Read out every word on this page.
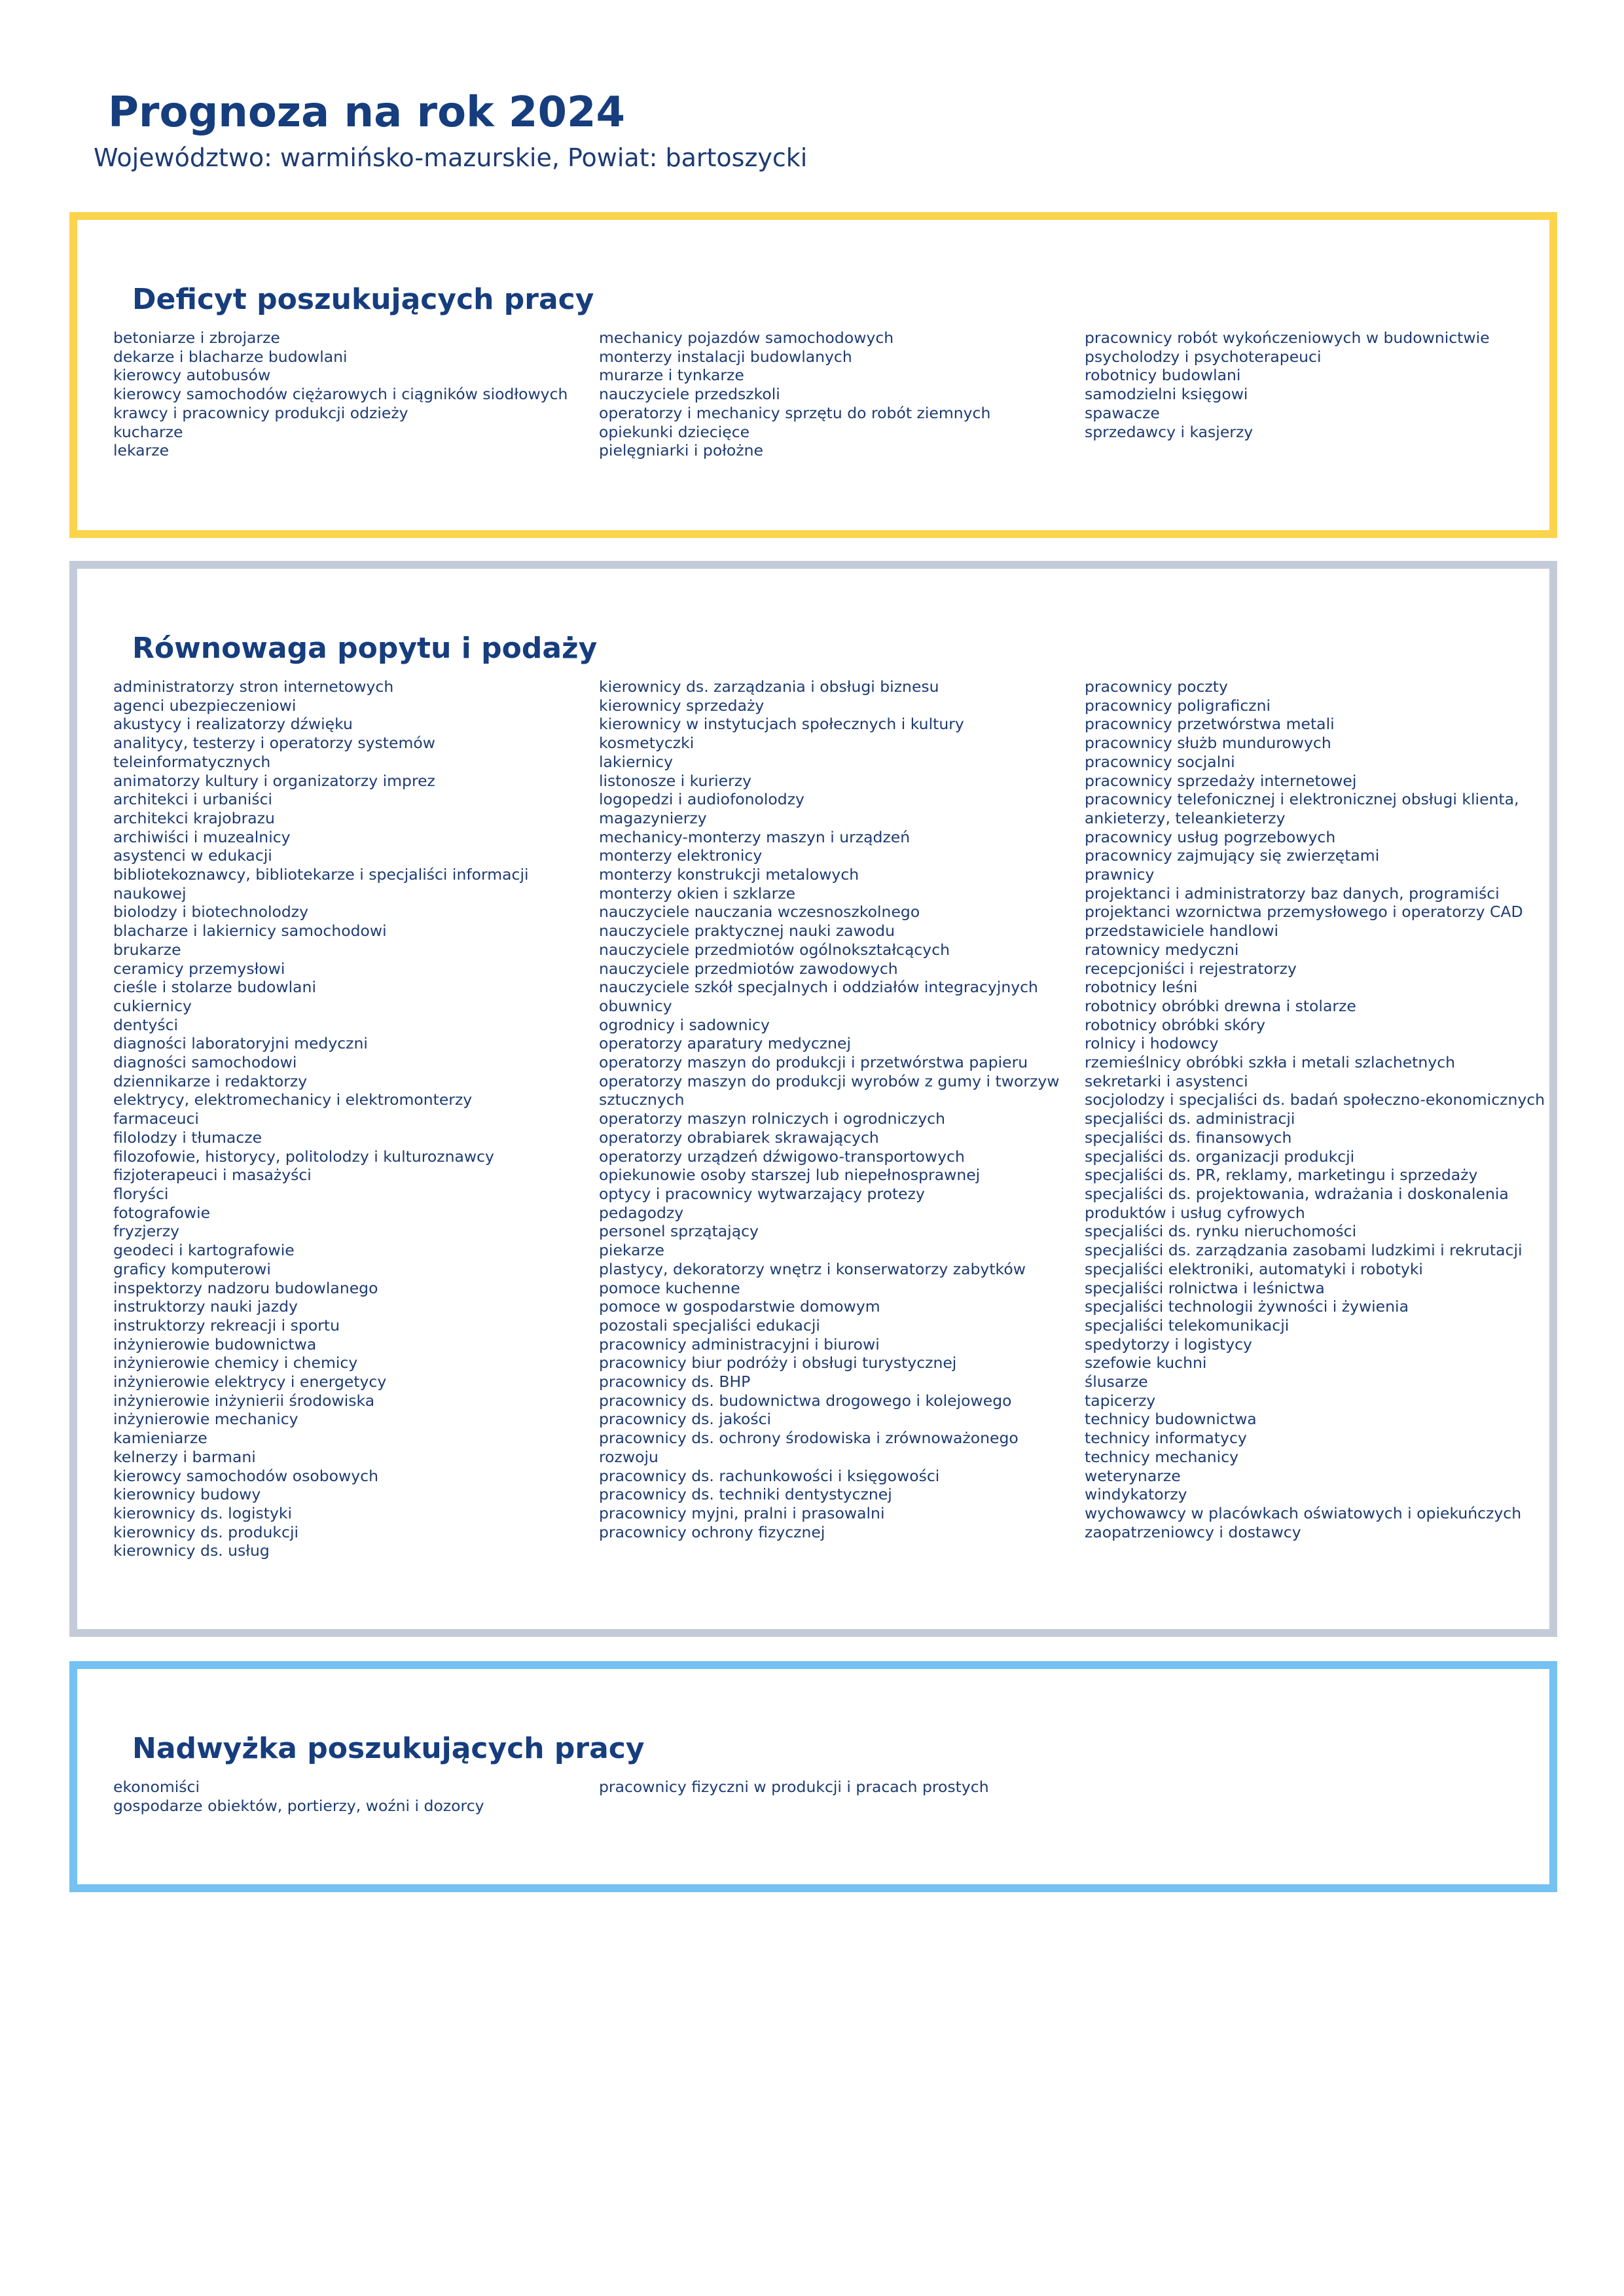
Prognoza na rok 2024

Województwo: warmińsko-mazurskie, Powiat: bartoszycki

Deficyt poszukujących pracy
betoniarze i zbrojarze
dekarze i blacharze budowlani
kierowcy autobusów
kierowcy samochodów ciężarowych i ciągników siodłowych
krawcy i pracownicy produkcji odzieży
kucharze
lekarze
mechanicy pojazdów samochodowych
monterzy instalacji budowlanych
murarze i tynkarze
nauczyciele przedszkoli
operatorzy i mechanicy sprzętu do robót ziemnych
opiekunki dziecięce
pielęgniarki i położne
pracownicy robót wykończeniowych w budownictwie
psycholodzy i psychoterapeuci
robotnicy budowlani
samodzielni księgowi
spawacze
sprzedawcy i kasjerzy
Równowaga popytu i podaży
administratorzy stron internetowych
agenci ubezpieczeniowi
akustycy i realizatorzy dźwięku
analitycy, testerzy i operatorzy systemów teleinformatycznych
animatorzy kultury i organizatorzy imprez
architekci i urbaniści
architekci krajobrazu
archiwiści i muzealnicy
asystenci w edukacji
bibliotekoznawcy, bibliotekarze i specjaliści informacji naukowej
biolodzy i biotechnolodzy
blacharze i lakiernicy samochodowi
brukarze
ceramicy przemysłowi
cieśle i stolarze budowlani
cukiernicy
dentyści
diagności laboratoryjni medyczni
diagności samochodowi
dziennikarze i redaktorzy
elektrycy, elektromechanicy i elektromonterzy
farmaceuci
filolodzy i tłumacze
filozofowie, historycy, politolodzy i kulturoznawcy
fizjoterapeuci i masażyści
floryści
fotografowie
fryzjerzy
geodeci i kartografowie
graficy komputerowi
inspektorzy nadzoru budowlanego
instruktorzy nauki jazdy
instruktorzy rekreacji i sportu
inżynierowie budownictwa
inżynierowie chemicy i chemicy
inżynierowie elektrycy i energetycy
inżynierowie inżynierii środowiska
inżynierowie mechanicy
kamieniarze
kelnerzy i barmani
kierowcy samochodów osobowych
kierownicy budowy
kierownicy ds. logistyki
kierownicy ds. produkcji
kierownicy ds. usług
kierownicy ds. zarządzania i obsługi biznesu
kierownicy sprzedaży
kierownicy w instytucjach społecznych i kultury
kosmetyczki
lakiernicy
listonosze i kurierzy
logopedzi i audiofonolodzy
magazynierzy
mechanicy-monterzy maszyn i urządzeń
monterzy elektronicy
monterzy konstrukcji metalowych
monterzy okien i szklarze
nauczyciele nauczania wczesnoszkolnego
nauczyciele praktycznej nauki zawodu
nauczyciele przedmiotów ogólnokształcących
nauczyciele przedmiotów zawodowych
nauczyciele szkół specjalnych i oddziałów integracyjnych
obuwnicy
ogrodnicy i sadownicy
operatorzy aparatury medycznej
operatorzy maszyn do produkcji i przetwórstwa papieru
operatorzy maszyn do produkcji wyrobów z gumy i tworzyw sztucznych
operatorzy maszyn rolniczych i ogrodniczych
operatorzy obrabiarek skrawających
operatorzy urządzeń dźwigowo-transportowych
opiekunowie osoby starszej lub niepełnosprawnej
optycy i pracownicy wytwarzający protezy
pedagodzy
personel sprzątający
piekarze
plastycy, dekoratorzy wnętrz i konserwatorzy zabytków
pomoce kuchenne
pomoce w gospodarstwie domowym
pozostali specjaliści edukacji
pracownicy administracyjni i biurowi
pracownicy biur podróży i obsługi turystycznej
pracownicy ds. BHP
pracownicy ds. budownictwa drogowego i kolejowego
pracownicy ds. jakości
pracownicy ds. ochrony środowiska i zrównoważonego rozwoju
pracownicy ds. rachunkowości i księgowości
pracownicy ds. techniki dentystycznej
pracownicy myjni, pralni i prasowalni
pracownicy ochrony fizycznej
pracownicy poczty
pracownicy poligraficzni
pracownicy przetwórstwa metali
pracownicy służb mundurowych
pracownicy socjalni
pracownicy sprzedaży internetowej
pracownicy telefonicznej i elektronicznej obsługi klienta, ankieterzy, teleankieterzy
pracownicy usług pogrzebowych
pracownicy zajmujący się zwierzętami
prawnicy
projektanci i administratorzy baz danych, programiści
projektanci wzornictwa przemysłowego i operatorzy CAD
przedstawiciele handlowi
ratownicy medyczni
recepcjoniści i rejestratorzy
robotnicy leśni
robotnicy obróbki drewna i stolarze
robotnicy obróbki skóry
rolnicy i hodowcy
rzemieślnicy obróbki szkła i metali szlachetnych
sekretarki i asystenci
socjolodzy i specjaliści ds. badań społeczno-ekonomicznych
specjaliści ds. administracji
specjaliści ds. finansowych
specjaliści ds. organizacji produkcji
specjaliści ds. PR, reklamy, marketingu i sprzedaży
specjaliści ds. projektowania, wdrażania i doskonalenia produktów i usług cyfrowych
specjaliści ds. rynku nieruchomości
specjaliści ds. zarządzania zasobami ludzkimi i rekrutacji
specjaliści elektroniki, automatyki i robotyki
specjaliści rolnictwa i leśnictwa
specjaliści technologii żywności i żywienia
specjaliści telekomunikacji
spedytorzy i logistycy
szefowie kuchni
ślusarze
tapicerzy
technicy budownictwa
technicy informatycy
technicy mechanicy
weterynarze
windykatorzy
wychowawcy w placówkach oświatowych i opiekuńczych
zaopatrzeniowcy i dostawcy
Nadwyżka poszukujących pracy
ekonomiści
gospodarze obiektów, portierzy, woźni i dozorcy
pracownicy fizyczni w produkcji i pracach prostych
